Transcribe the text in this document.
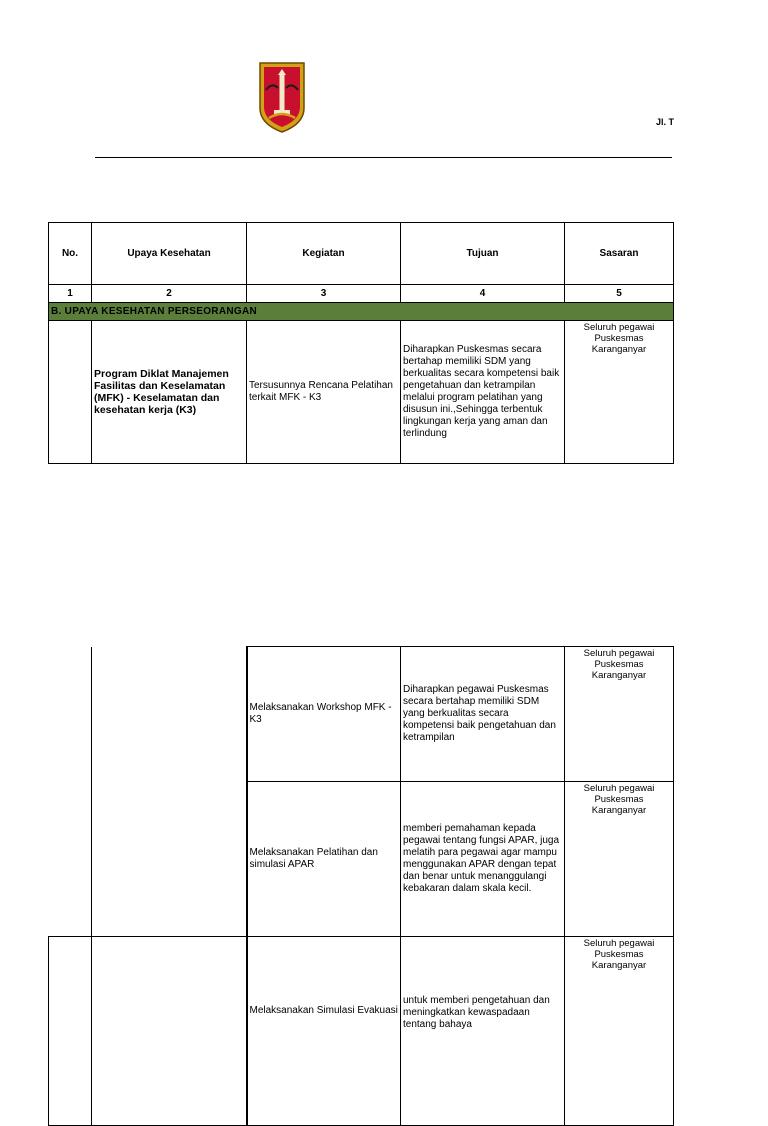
Jl. T
No.	Upaya Kesehatan	Kegiatan	Tujuan	Sasaran
1	2	3	4	5
B. UPAYA KESEHATAN PERSEORANGAN				
	Program Diklat Manajemen Fasilitas dan Keselamatan (MFK) - Keselamatan dan kesehatan kerja (K3)	Tersusunnya Rencana Pelatihan terkait MFK - K3	Diharapkan Puskesmas secara bertahap memiliki SDM yang berkualitas secara kompetensi baik pengetahuan dan ketrampilan melalui program pelatihan yang disusun ini.,Sehingga terbentuk lingkungan kerja yang aman dan terlindung	Seluruh pegawai Puskesmas Karanganyar
		Melaksanakan Workshop MFK - K3	Diharapkan pegawai Puskesmas secara bertahap memiliki SDM yang berkualitas secara kompetensi baik pengetahuan dan ketrampilan	Seluruh pegawai Puskesmas Karanganyar
		Melaksanakan Pelatihan dan simulasi APAR	memberi pemahaman kepada pegawai tentang fungsi APAR, juga melatih para pegawai agar mampu menggunakan APAR dengan tepat dan benar untuk menanggulangi kebakaran dalam skala kecil.	Seluruh pegawai Puskesmas Karanganyar
		Melaksanakan Simulasi Evakuasi	untuk memberi pengetahuan dan meningkatkan kewaspadaan tentang bahaya	Seluruh pegawai Puskesmas Karanganyar
